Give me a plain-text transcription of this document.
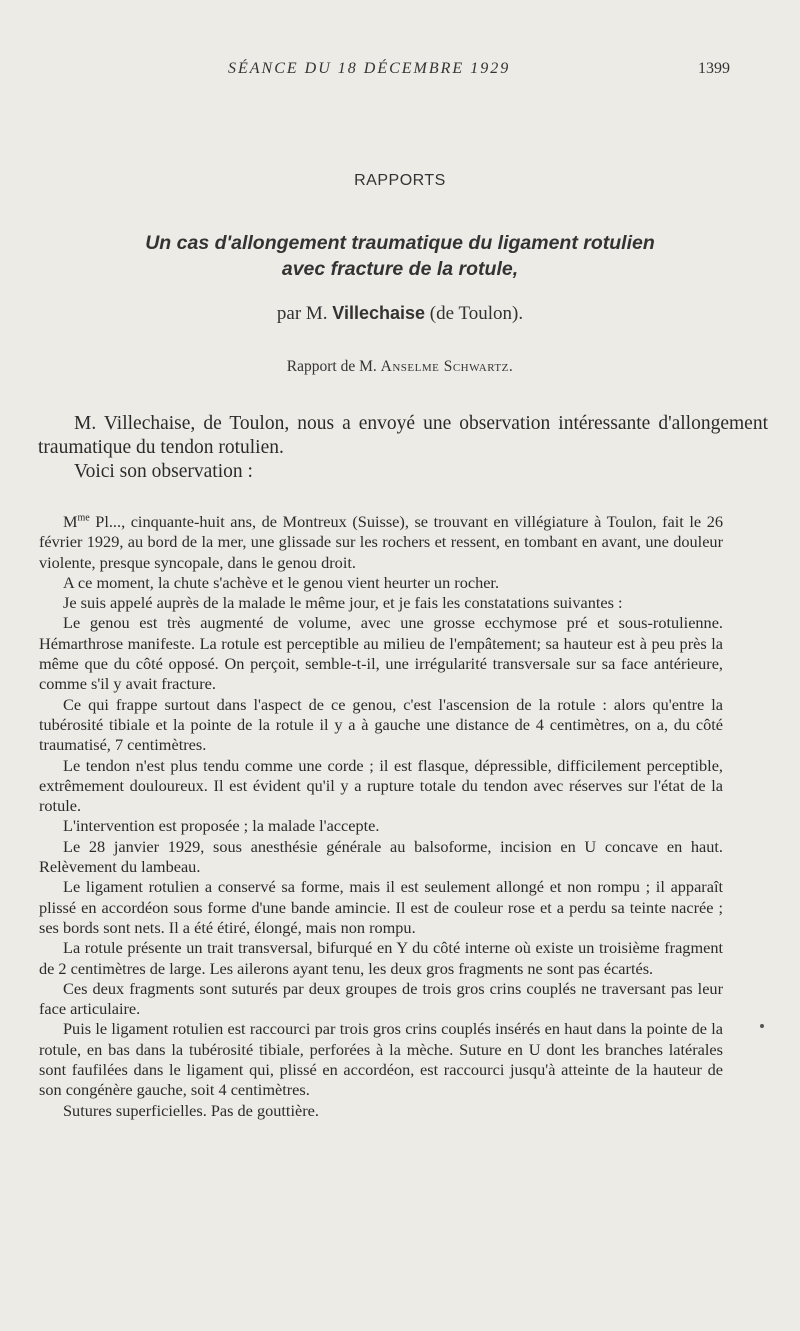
SÉANCE DU 18 DÉCEMBRE 1929	1399
RAPPORTS
Un cas d'allongement traumatique du ligament rotulien
avec fracture de la rotule,
par M. Villechaise (de Toulon).
Rapport de M. Anselme Schwartz.

M. Villechaise, de Toulon, nous a envoyé une observation intéressante d'allongement traumatique du tendon rotulien.

Voici son observation :

$M^{me}$ Pl..., cinquante-huit ans, de Montreux (Suisse), se trouvant en villégiature à Toulon, fait le 26 février 1929, au bord de la mer, une glissade sur les rochers et ressent, en tombant en avant, une douleur violente, presque syncopale, dans le genou droit.

A ce moment, la chute s'achève et le genou vient heurter un rocher.

Je suis appelé auprès de la malade le même jour, et je fais les constatations suivantes :

Le genou est très augmenté de volume, avec une grosse ecchymose pré et sous-rotulienne. Hémarthrose manifeste. La rotule est perceptible au milieu de l'empâtement; sa hauteur est à peu près la même que du côté opposé. On perçoit, semble-t-il, une irrégularité transversale sur sa face antérieure, comme s'il y avait fracture.

Ce qui frappe surtout dans l'aspect de ce genou, c'est l'ascension de la rotule : alors qu'entre la tubérosité tibiale et la pointe de la rotule il y a à gauche une distance de 4 centimètres, on a, du côté traumatisé, 7 centimètres.

Le tendon n'est plus tendu comme une corde ; il est flasque, dépressible, difficilement perceptible, extrêmement douloureux. Il est évident qu'il y a rupture totale du tendon avec réserves sur l'état de la rotule.

L'intervention est proposée ; la malade l'accepte.

Le 28 janvier 1929, sous anesthésie générale au balsoforme, incision en U concave en haut. Relèvement du lambeau.

Le ligament rotulien a conservé sa forme, mais il est seulement allongé et non rompu ; il apparaît plissé en accordéon sous forme d'une bande amincie. Il est de couleur rose et a perdu sa teinte nacrée ; ses bords sont nets. Il a été étiré, élongé, mais non rompu.

La rotule présente un trait transversal, bifurqué en Y du côté interne où existe un troisième fragment de 2 centimètres de large. Les ailerons ayant tenu, les deux gros fragments ne sont pas écartés.

Ces deux fragments sont suturés par deux groupes de trois gros crins couplés ne traversant pas leur face articulaire.

Puis le ligament rotulien est raccourci par trois gros crins couplés insérés en haut dans la pointe de la rotule, en bas dans la tubérosité tibiale, perforées à la mèche. Suture en U dont les branches latérales sont faufilées dans le ligament qui, plissé en accordéon, est raccourci jusqu'à atteinte de la hauteur de son congénère gauche, soit 4 centimètres.

Sutures superficielles. Pas de gouttière.
